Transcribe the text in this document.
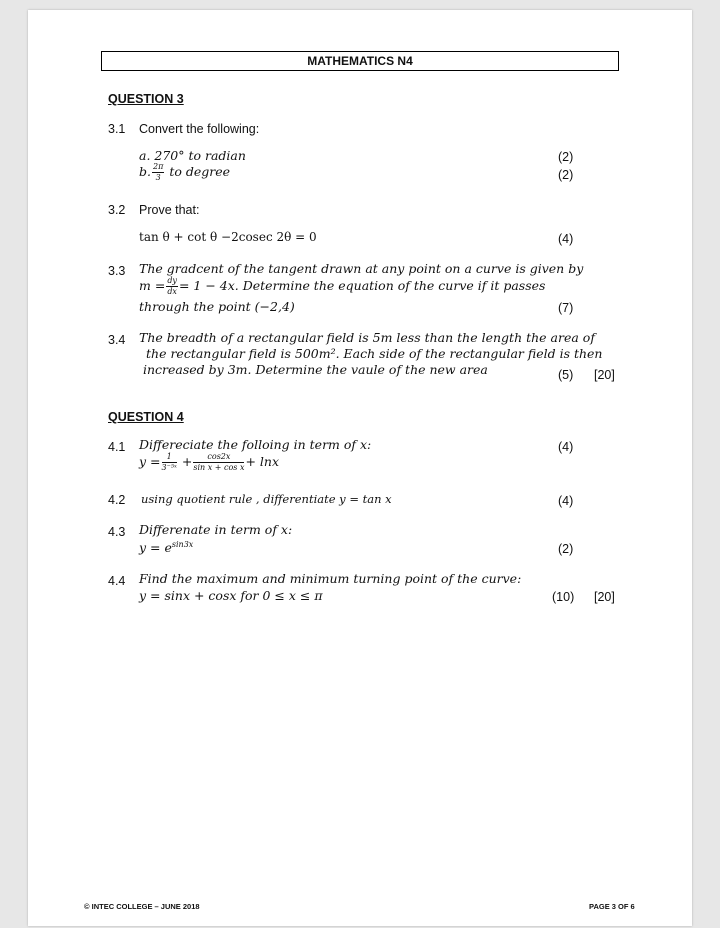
MATHEMATICS N4
QUESTION 3
3.1 Convert the following:
a. 270° to radian	(2)
b. $\frac{2\pi}{3}$ to degree	(2)
3.2 Prove that:
tan θ + cot θ −2cosec 2θ = 0	(4)
3.3 The gradcent of the tangent drawn at any point on a curve is given by
$m = \frac{dy}{dx} = 1 - 4x$. Determine the equation of the curve if it passes
through the point (−2,4)	(7)
3.4 The breadth of a rectangular field is 5m less than the length the area of
the rectangular field is 500m². Each side of the rectangular field is then
increased by 3m. Determine the vaule of the new area	(5) [20]
QUESTION 4
4.1 Differeciate the folloing in term of x:	(4)
$y = \frac{1}{\text{3⁻⁵ˣ}} + \frac{\cos 2x}{\text{sin x + cos x}} + \ln x$
4.2 using quotient rule , differentiate y = tan x	(4)
4.3 Differenate in term of x:
$y = e^{sin3x}$	(2)
4.4 Find the maximum and minimum turning point of the curve:
y = sinx + cosx for 0 ≤ x ≤ π	(10) [20]
© INTEC COLLEGE – JUNE 2018	PAGE 3 OF 6
